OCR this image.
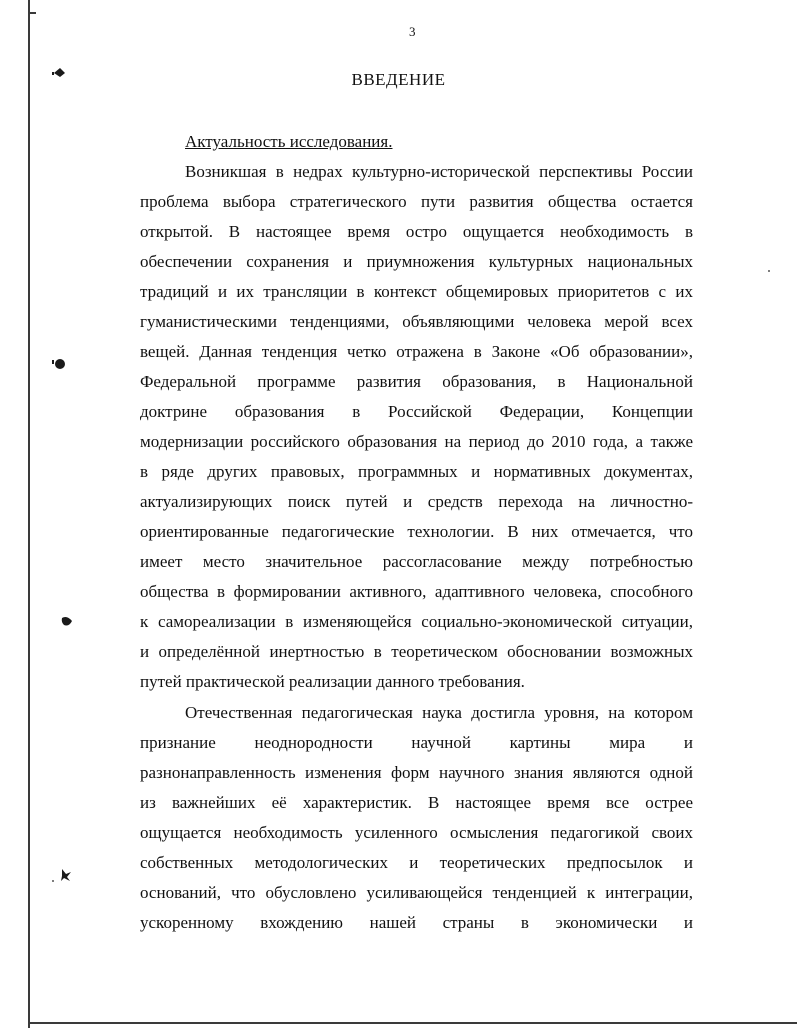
3
ВВЕДЕНИЕ
Актуальность исследования.
Возникшая в недрах культурно-исторической перспективы России
проблема выбора стратегического пути развития общества остается
открытой. В настоящее время остро ощущается необходимость в
обеспечении сохранения и приумножения культурных национальных
традиций и их трансляции в контекст общемировых приоритетов с их
гуманистическими тенденциями, объявляющими человека мерой всех
вещей. Данная тенденция четко отражена в Законе «Об образовании»,
Федеральной программе развития образования, в Национальной
доктрине образования в Российской Федерации, Концепции
модернизации российского образования на период до 2010 года, а также
в ряде других правовых, программных и нормативных документах,
актуализирующих поиск путей и средств перехода на личностно-
ориентированные педагогические технологии. В них отмечается, что
имеет место значительное рассогласование между потребностью
общества в формировании активного, адаптивного человека, способного
к самореализации в изменяющейся социально-экономической ситуации,
и определённой инертностью в теоретическом обосновании возможных
путей практической реализации данного требования.
Отечественная педагогическая наука достигла уровня, на котором
признание неоднородности научной картины мира и
разнонаправленность изменения форм научного знания являются одной
из важнейших её характеристик. В настоящее время все острее
ощущается необходимость усиленного осмысления педагогикой своих
собственных методологических и теоретических предпосылок и
оснований, что обусловлено усиливающейся тенденцией к интеграции,
ускоренному вхождению нашей страны в экономически и
